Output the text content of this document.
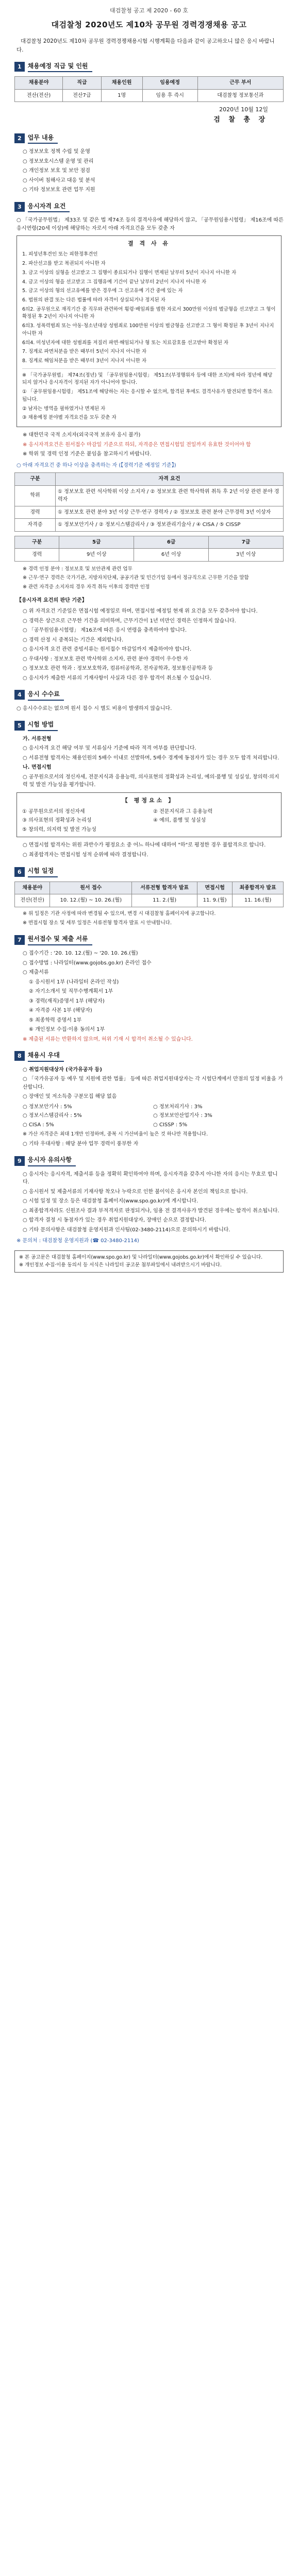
대검찰청 공고 제 2020 - 60 호
대검찰청 2020년도 제10차 공무원 경력경쟁채용 공고
대검찰청 2020년도 제10차 공무원 경력경쟁채용시험 시행계획을 다음과 같이 공고하오니 많은 응시 바랍니다.
1	채용예정 직급 및 인원
채용분야	직급	채용인원	임용예정	근무 부서
전산(전산)	전산7급	1명	임용 후 즉시	대검찰청 정보통신과
2020년 10월 12일
검 찰 총 장
2	업무 내용
○ 정보보호 정책 수립 및 운영
○ 정보보호시스템 운영 및 관리
○ 개인정보 보호 및 보안 점검
○ 사이버 침해사고 대응 및 분석
○ 기타 정보보호 관련 업무 지원
3	응시자격 요건
○ 「국가공무원법」 제33조 및 같은 법 제74조 등의 결격사유에 해당하지 않고, 「공무원임용시험령」 제16조에 따른 응시연령(20세 이상)에 해당하는 자로서 아래 자격요건을 모두 갖춘 자
결 격 사 유
1. 피성년후견인 또는 피한정후견인
2. 파산선고를 받고 복권되지 아니한 자
3. 금고 이상의 실형을 선고받고 그 집행이 종료되거나 집행이 면제된 날부터 5년이 지나지 아니한 자
4. 금고 이상의 형을 선고받고 그 집행유예 기간이 끝난 날부터 2년이 지나지 아니한 자
5. 금고 이상의 형의 선고유예를 받은 경우에 그 선고유예 기간 중에 있는 자
6. 법원의 판결 또는 다른 법률에 따라 자격이 상실되거나 정지된 자
6의2. 공무원으로 재직기간 중 직무와 관련하여 횡령·배임죄를 범한 자로서 300만원 이상의 벌금형을 선고받고 그 형이 확정된 후 2년이 지나지 아니한 자
6의3. 성폭력범죄 또는 아동·청소년대상 성범죄로 100만원 이상의 벌금형을 선고받고 그 형이 확정된 후 3년이 지나지 아니한 자
6의4. 미성년자에 대한 성범죄를 저질러 파면·해임되거나 형 또는 치료감호를 선고받아 확정된 자
7. 징계로 파면처분을 받은 때부터 5년이 지나지 아니한 자
8. 징계로 해임처분을 받은 때부터 3년이 지나지 아니한 자
※ 「국가공무원법」 제74조(정년) 및 「공무원임용시험령」 제51조(부정행위자 등에 대한 조치)에 따라 정년에 해당되지 않거나 응시자격이 정지된 자가 아니어야 합니다.
① 「공무원임용시험령」 제51조에 해당하는 자는 응시할 수 없으며, 합격된 후에도 결격사유가 발견되면 합격이 취소됩니다.
② 남자는 병역을 필하였거나 면제된 자
③ 채용예정 분야별 자격요건을 모두 갖춘 자
※ 대한민국 국적 소지자(외국국적 보유자 응시 불가)
※ 응시자격요건은 원서접수 마감일 기준으로 하되, 자격증은 면접시험일 전일까지 유효한 것이어야 함
※ 학위 및 경력 인정 기준은 붙임을 참고하시기 바랍니다.
○ 아래 자격요건 중 하나 이상을 충족하는 자 (【경력기준 예정일 기준】)
구분	자격 요건
학위	① 정보보호 관련 석사학위 이상 소지자 / ② 정보보호 관련 학사학위 취득 후 2년 이상 관련 분야 경력자
경력	① 정보보호 관련 분야 3년 이상 근무·연구 경력자 / ② 정보보호 관련 분야 근무경력 3년 이상자
자격증	① 정보보안기사 / ② 정보시스템감리사 / ③ 정보관리기술사 / ④ CISA / ⑤ CISSP
구분	5급	6급	7급
경력	9년 이상	6년 이상	3년 이상
※ 경력 인정 분야 : 정보보호 및 보안관제 관련 업무
※ 근무·연구 경력은 국가기관, 지방자치단체, 공공기관 및 민간기업 등에서 정규직으로 근무한 기간을 말함
※ 관련 자격증 소지자의 경우 자격 취득 이후의 경력만 인정
【응시자격 요건의 판단 기준】
○ 위 자격요건 기준일은 면접시험 예정일로 하며, 면접시험 예정일 현재 위 요건을 모두 갖추어야 합니다.
○ 경력은 상근으로 근무한 기간을 의미하며, 근무기간이 1년 미만인 경력은 인정하지 않습니다.
○ 「공무원임용시험령」 제16조에 따른 응시 연령을 충족하여야 합니다.
○ 경력 산정 시 중복되는 기간은 제외합니다.
○ 응시자격 요건 관련 증빙서류는 원서접수 마감일까지 제출하여야 합니다.
○ 우대사항 : 정보보호 관련 박사학위 소지자, 관련 분야 경력이 우수한 자
○ 정보보호 관련 학과 : 정보보호학과, 컴퓨터공학과, 전자공학과, 정보통신공학과 등
○ 응시자가 제출한 서류의 기재사항이 사실과 다른 경우 합격이 취소될 수 있습니다.
4	응시 수수료
○ 응시수수료는 없으며 원서 접수 시 별도 비용이 발생하지 않습니다.
5	시험 방법
가. 서류전형
○ 응시자격 요건 해당 여부 및 서류심사 기준에 따라 적격 여부를 판단합니다.
○ 서류전형 합격자는 채용인원의 5배수 이내로 선발하며, 5배수 경계에 동점자가 있는 경우 모두 합격 처리합니다.
나. 면접시험
○ 공무원으로서의 정신자세, 전문지식과 응용능력, 의사표현의 정확성과 논리성, 예의·품행 및 성실성, 창의력·의지력 및 발전 가능성을 평가합니다.
【 평정요소 】
① 공무원으로서의 정신자세	② 전문지식과 그 응용능력
③ 의사표현의 정확성과 논리성	④ 예의, 품행 및 성실성
⑤ 창의력, 의지력 및 발전 가능성
○ 면접시험 합격자는 위원 과반수가 평정요소 중 어느 하나에 대하여 "하"로 평정한 경우 불합격으로 합니다.
○ 최종합격자는 면접시험 성적 순위에 따라 결정합니다.
6	시험 일정
채용분야	원서 접수	서류전형 합격자 발표	면접시험	최종합격자 발표
전산(전산)	10. 12.(월) ~ 10. 26.(월)	11. 2.(월)	11. 9.(월)	11. 16.(월)
※ 위 일정은 기관 사정에 따라 변경될 수 있으며, 변경 시 대검찰청 홈페이지에 공고합니다.
※ 면접시험 장소 및 세부 일정은 서류전형 합격자 발표 시 안내합니다.
7	원서접수 및 제출 서류
○ 접수기간 : '20. 10. 12.(월) ~ '20. 10. 26.(월)
○ 접수방법 : 나라일터(www.gojobs.go.kr) 온라인 접수
○ 제출서류
① 응시원서 1부 (나라일터 온라인 작성)
② 자기소개서 및 직무수행계획서 1부
③ 경력(재직)증명서 1부 (해당자)
④ 자격증 사본 1부 (해당자)
⑤ 최종학력 증명서 1부
⑥ 개인정보 수집·이용 동의서 1부
※ 제출된 서류는 반환하지 않으며, 허위 기재 시 합격이 취소될 수 있습니다.
8	채용시 우대
○ 취업지원대상자 (국가유공자 등)
○ 「국가유공자 등 예우 및 지원에 관한 법률」 등에 따른 취업지원대상자는 각 시험단계에서 만점의 일정 비율을 가산합니다.
○ 장애인 및 저소득층 구분모집 해당 없음
○ 정보보안기사 : 5%	○ 정보처리기사 : 3%
○ 정보시스템감리사 : 5%	○ 정보보안산업기사 : 3%
○ CISA : 5%	○ CISSP : 5%
※ 가산 자격증은 최대 1개만 인정하며, 중복 시 가산비율이 높은 것 하나만 적용합니다.
○ 기타 우대사항 : 해당 분야 업무 경력이 풍부한 자
9	응시자 유의사항
○ 응시자는 응시자격, 제출서류 등을 정확히 확인하여야 하며, 응시자격을 갖추지 아니한 자의 응시는 무효로 합니다.
○ 응시원서 및 제출서류의 기재사항 착오나 누락으로 인한 불이익은 응시자 본인의 책임으로 합니다.
○ 시험 일정 및 장소 등은 대검찰청 홈페이지(www.spo.go.kr)에 게시합니다.
○ 최종합격자라도 신원조사 결과 부적격자로 판정되거나, 임용 전 결격사유가 발견된 경우에는 합격이 취소됩니다.
○ 합격자 결정 시 동점자가 있는 경우 취업지원대상자, 장애인 순으로 결정합니다.
○ 기타 문의사항은 대검찰청 운영지원과 인사팀(02-3480-2114)으로 문의하시기 바랍니다.
※ 문의처 : 대검찰청 운영지원과 (☎ 02-3480-2114)
※ 본 공고문은 대검찰청 홈페이지(www.spo.go.kr) 및 나라일터(www.gojobs.go.kr)에서 확인하실 수 있습니다.
※ 개인정보 수집·이용 동의서 등 서식은 나라일터 공고문 첨부파일에서 내려받으시기 바랍니다.
